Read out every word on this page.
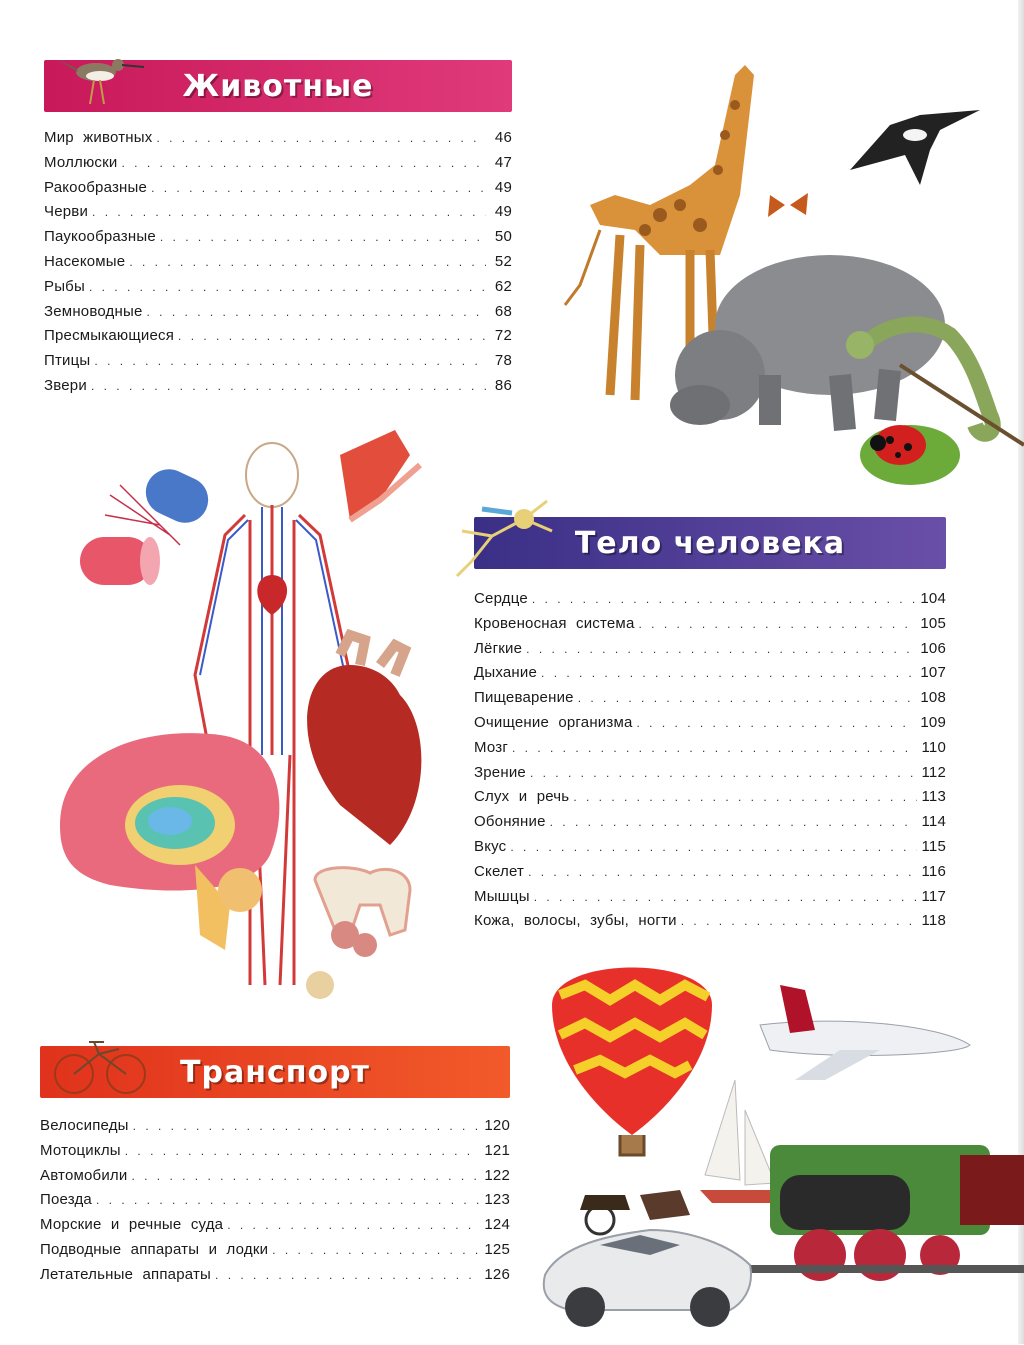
Животные
Мир животных . . .	46
Моллюски . . .	47
Ракообразные . . .	49
Черви . . .	49
Паукообразные . . .	50
Насекомые . . .	52
Рыбы . . .	62
Земноводные . . .	68
Пресмыкающиеся . . .	72
Птицы . . .	78
Звери . . .	86
Тело человека
Сердце . . .	104
Кровеносная система . . .	105
Лёгкие . . .	106
Дыхание . . .	107
Пищеварение . . .	108
Очищение организма . . .	109
Мозг . . .	110
Зрение . . .	112
Слух и речь . . .	113
Обоняние . . .	114
Вкус . . .	115
Скелет . . .	116
Мышцы . . .	117
Кожа, волосы, зубы, ногти . . .	118
Транспорт
Велосипеды . . .	120
Мотоциклы . . .	121
Автомобили . . .	122
Поезда . . .	123
Морские и речные суда . . .	124
Подводные аппараты и лодки . . .	125
Летательные аппараты . . .	126
